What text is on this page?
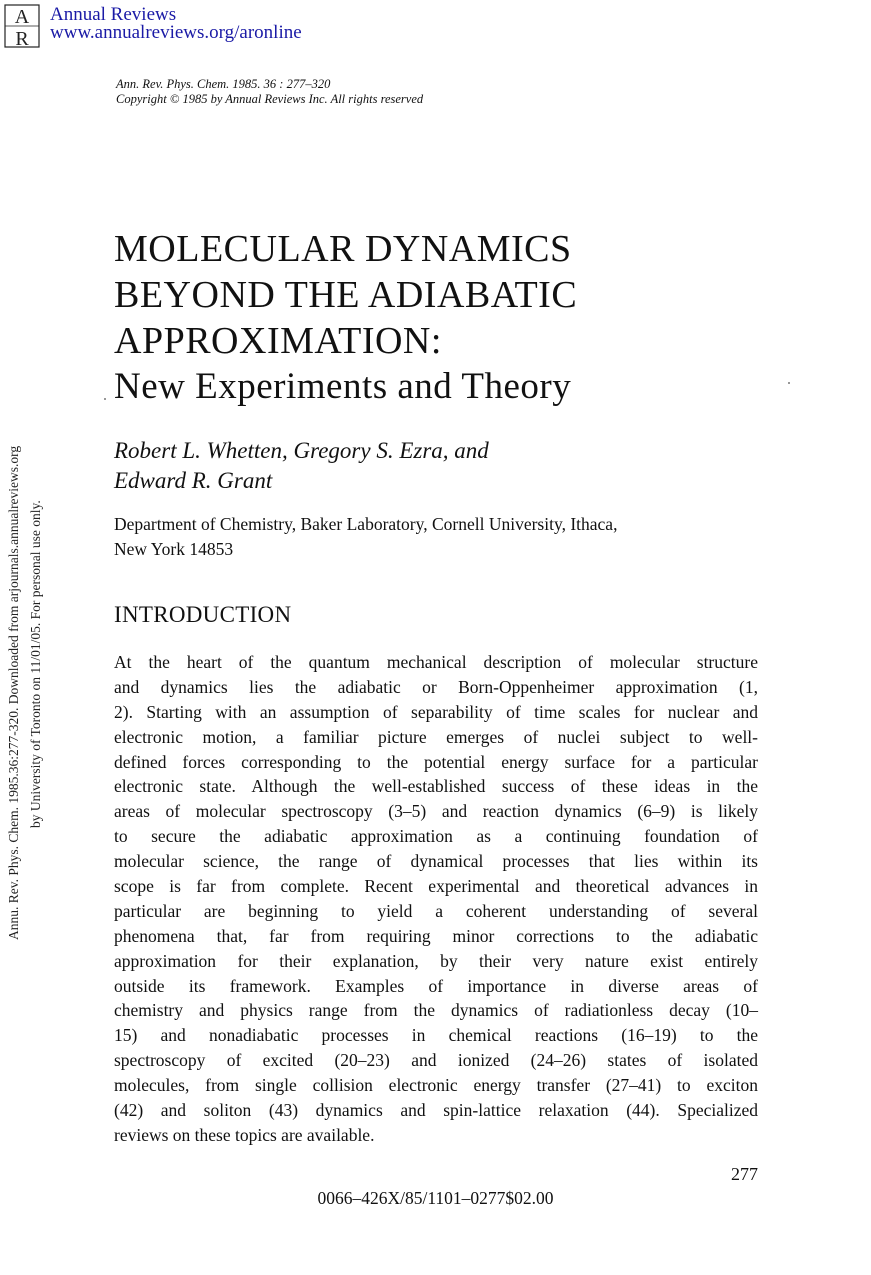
A
R
Annual Reviews
www.annualreviews.org/aronline
Ann. Rev. Phys. Chem. 1985. 36 : 277–320
Copyright © 1985 by Annual Reviews Inc. All rights reserved
Annu. Rev. Phys. Chem. 1985.36:277-320. Downloaded from arjournals.annualreviews.org by University of Toronto on 11/01/05. For personal use only.
MOLECULAR DYNAMICS
BEYOND THE ADIABATIC
APPROXIMATION:
New Experiments and Theory
Robert L. Whetten, Gregory S. Ezra, and
Edward R. Grant
Department of Chemistry, Baker Laboratory, Cornell University, Ithaca,
New York 14853
INTRODUCTION
At the heart of the quantum mechanical description of molecular structure
and dynamics lies the adiabatic or Born-Oppenheimer approximation (1,
2). Starting with an assumption of separability of time scales for nuclear and
electronic motion, a familiar picture emerges of nuclei subject to well-
defined forces corresponding to the potential energy surface for a particular
electronic state. Although the well-established success of these ideas in the
areas of molecular spectroscopy (3–5) and reaction dynamics (6–9) is likely
to secure the adiabatic approximation as a continuing foundation of
molecular science, the range of dynamical processes that lies within its
scope is far from complete. Recent experimental and theoretical advances in
particular are beginning to yield a coherent understanding of several
phenomena that, far from requiring minor corrections to the adiabatic
approximation for their explanation, by their very nature exist entirely
outside its framework. Examples of importance in diverse areas of
chemistry and physics range from the dynamics of radiationless decay (10–
15) and nonadiabatic processes in chemical reactions (16–19) to the
spectroscopy of excited (20–23) and ionized (24–26) states of isolated
molecules, from single collision electronic energy transfer (27–41) to exciton
(42) and soliton (43) dynamics and spin-lattice relaxation (44). Specialized
reviews on these topics are available.
277
0066–426X/85/1101–0277$02.00
